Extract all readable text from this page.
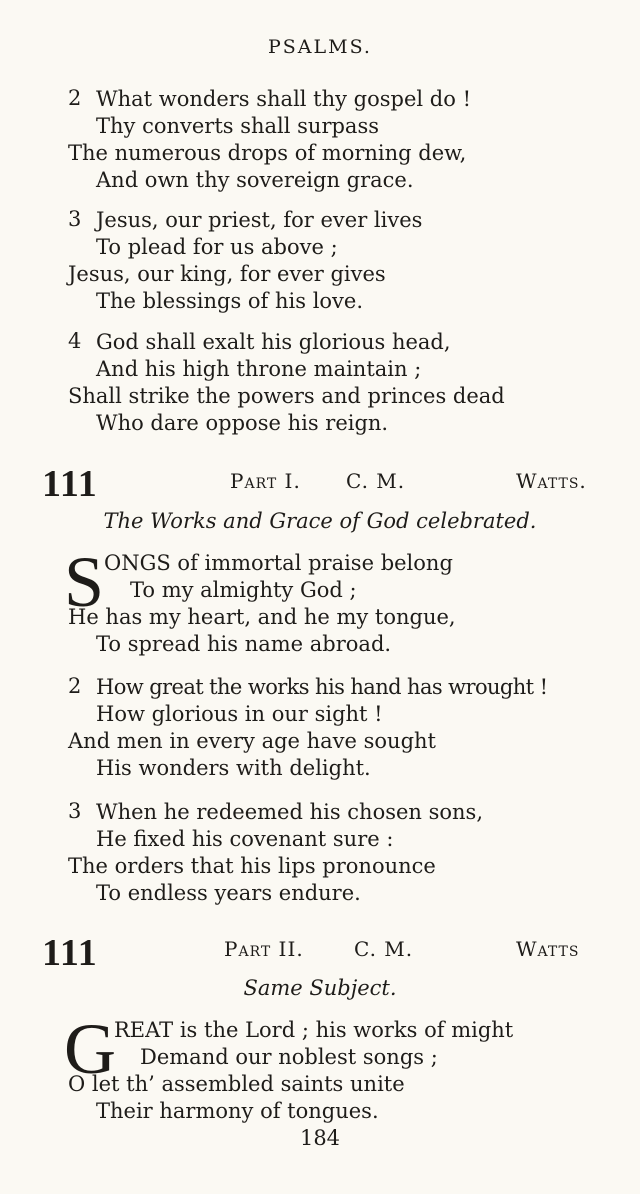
PSALMS.
2 What wonders shall thy gospel do !
Thy converts shall surpass
The numerous drops of morning dew,
And own thy sovereign grace.
3 Jesus, our priest, for ever lives
To plead for us above ;
Jesus, our king, for ever gives
The blessings of his love.
4 God shall exalt his glorious head,
And his high throne maintain ;
Shall strike the powers and princes dead
Who dare oppose his reign.
111	Part I. C. M.	Watts.
The Works and Grace of God celebrated.
S ONGS of immortal praise belong
To my almighty God ;
He has my heart, and he my tongue,
To spread his name abroad.
2 How great the works his hand has wrought !
How glorious in our sight !
And men in every age have sought
His wonders with delight.
3 When he redeemed his chosen sons,
He fixed his covenant sure :
The orders that his lips pronounce
To endless years endure.
111	Part II.	C. M.	Watts
Same Subject.
G
REAT is the Lord ; his works of might
Demand our noblest songs ;
O let th’ assembled saints unite
Their harmony of tongues.
184
